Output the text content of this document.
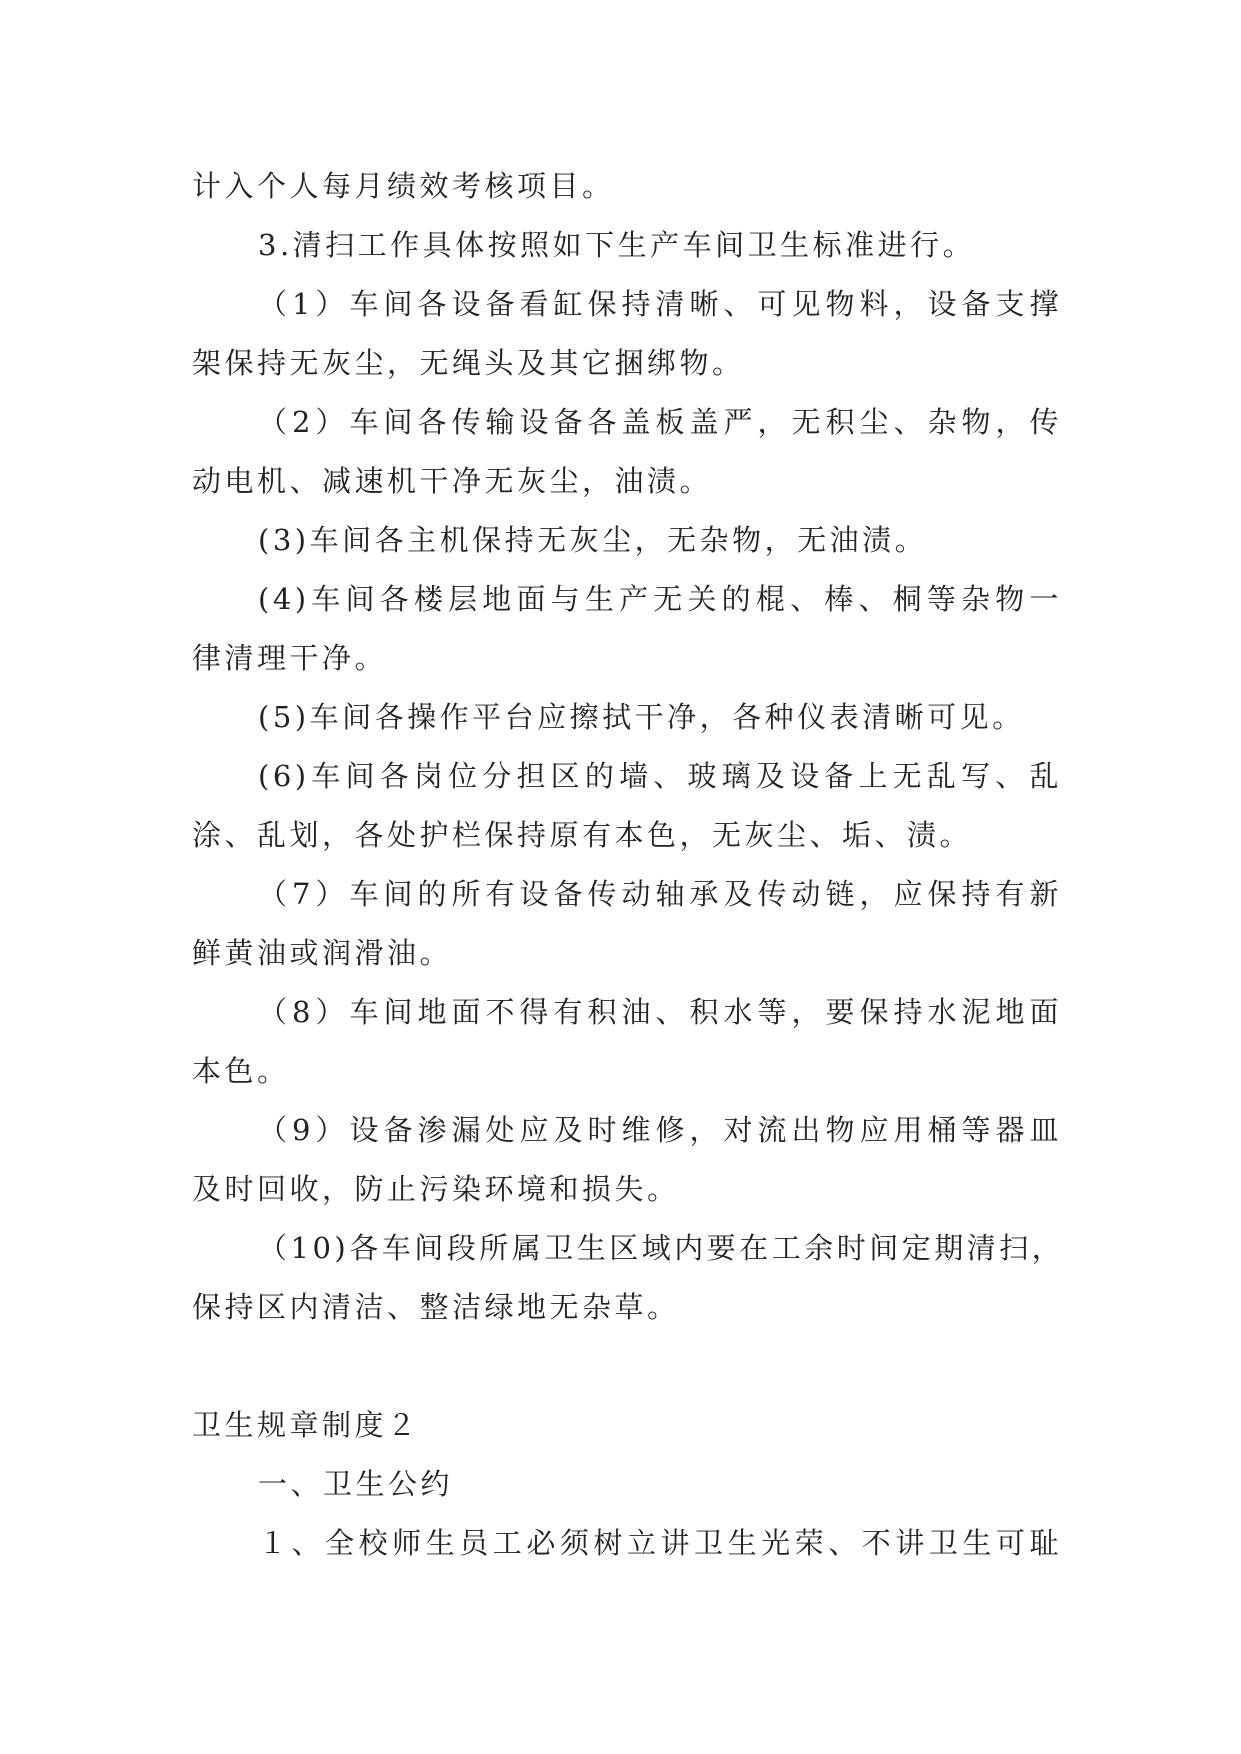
计入个人每月绩效考核项目。
3.清扫工作具体按照如下生产车间卫生标准进行。
（1）车间各设备看缸保持清晰、可见物料，设备支撑
架保持无灰尘，无绳头及其它捆绑物。
（2）车间各传输设备各盖板盖严，无积尘、杂物，传
动电机、减速机干净无灰尘，油渍。
(3)车间各主机保持无灰尘，无杂物，无油渍。
(4)车间各楼层地面与生产无关的棍、棒、桐等杂物一
律清理干净。
(5)车间各操作平台应擦拭干净，各种仪表清晰可见。
(6)车间各岗位分担区的墙、玻璃及设备上无乱写、乱
涂、乱划，各处护栏保持原有本色，无灰尘、垢、渍。
（7）车间的所有设备传动轴承及传动链，应保持有新
鲜黄油或润滑油。
（8）车间地面不得有积油、积水等，要保持水泥地面
本色。
（9）设备渗漏处应及时维修，对流出物应用桶等器皿
及时回收，防止污染环境和损失。
（10)各车间段所属卫生区域内要在工余时间定期清扫，
保持区内清洁、整洁绿地无杂草。
卫生规章制度２
一、卫生公约
１、全校师生员工必须树立讲卫生光荣、不讲卫生可耻
